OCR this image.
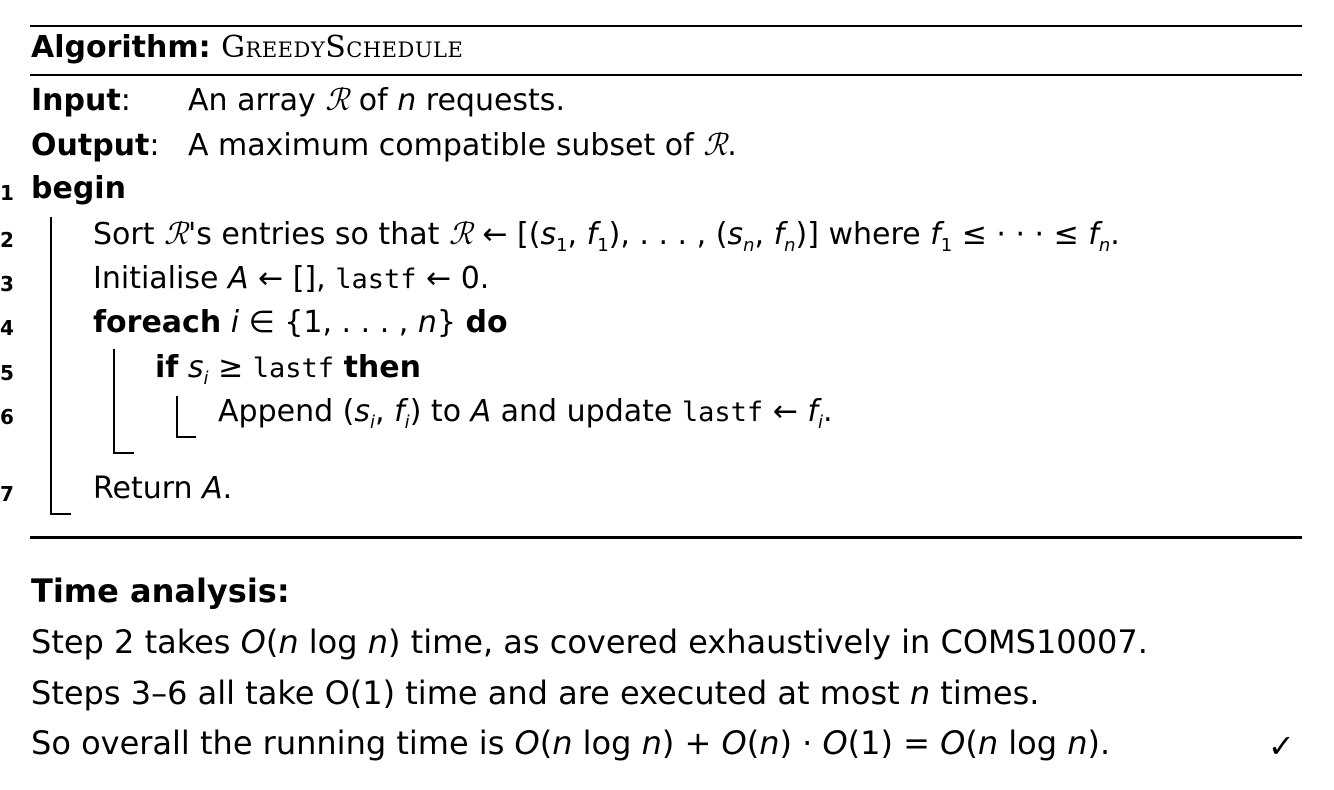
Algorithm: GreedySchedule
Input: An array ℛ of n requests.
Output: A maximum compatible subset of ℛ.
1
2
3
4
5
6
7
begin
Sort ℛ's entries so that ℛ ← [($s_1$, $f_1$), . . . , ($s_n$, $f_n$)] where $f_1$ ≤ · · · ≤ $f_n$.
Initialise A ← [], lastf ← 0.
foreach i ∈ {1, . . . , n} do
if $s_i$ ≥ lastf then
Append ($s_i$, $f_i$) to A and update lastf ← $f_i$.
Return A.
Time analysis:
Step 2 takes O(n log n) time, as covered exhaustively in COMS10007.
Steps 3–6 all take O(1) time and are executed at most n times.
So overall the running time is O(n log n) + O(n) · O(1) = O(n log n).	✓
